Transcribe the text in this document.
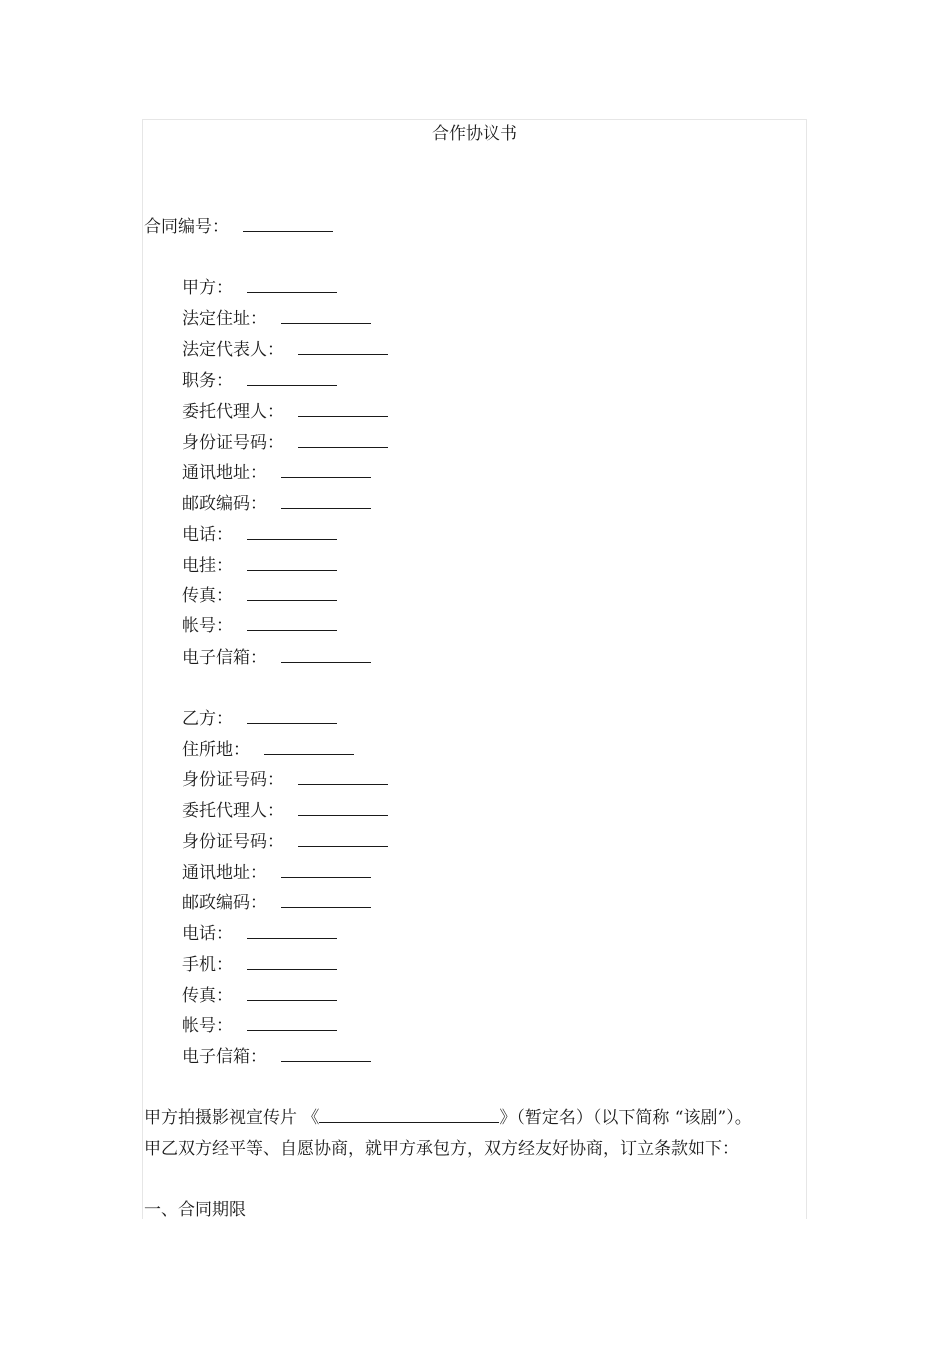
合作协议书
合同编号：
甲方：
法定住址：
法定代表人：
职务：
委托代理人：
身份证号码：
通讯地址：
邮政编码：
电话：
电挂：
传真：
帐号：
电子信箱：
乙方：
住所地：
身份证号码：
委托代理人：
身份证号码：
通讯地址：
邮政编码：
电话：
手机：
传真：
帐号：
电子信箱：
甲方拍摄影视宣传片 《	》（暂定名）（以下简称 “该剧”）。
甲乙双方经平等、自愿协商，就甲方承包方，双方经友好协商，订立条款如下：
一、合同期限
